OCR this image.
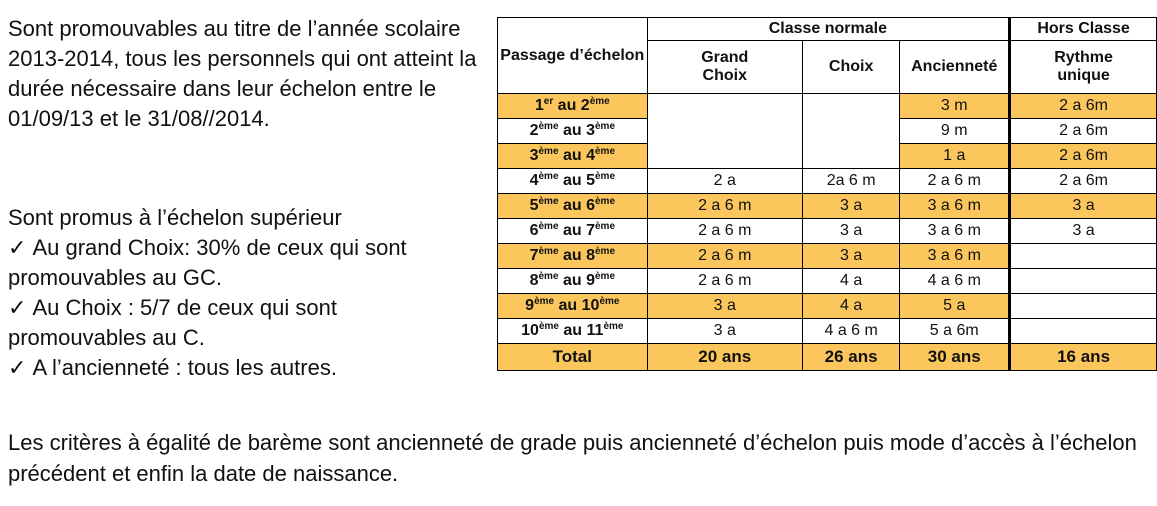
Sont promouvables au titre de l’année scolaire 2013-2014, tous les personnels qui ont atteint la durée nécessaire dans leur échelon entre le 01/09/13 et le 31/08//2014.
Sont promus à l’échelon supérieur
✓ Au grand Choix: 30% de ceux qui sont promouvables au GC.
✓ Au Choix : 5/7 de ceux qui sont promouvables au C.
✓ A l’ancienneté : tous les autres.
Passage d’échelon	Classe normale			Hors Classe
	Grand Choix	Choix	Ancienneté	Rythme unique
1er au 2ème			3 m	2 a 6m
2ème au 3ème			9 m	2 a 6m
3ème au 4ème			1 a	2 a 6m
4ème au 5ème	2 a	2a 6 m	2 a 6 m	2 a 6m
5ème au 6ème	2 a 6 m	3 a	3 a 6 m	3 a
6ème au 7ème	2 a 6 m	3 a	3 a 6 m	3 a
7ème au 8ème	2 a 6 m	3 a	3 a 6 m	
8ème au 9ème	2 a 6 m	4 a	4 a 6 m	
9ème au 10ème	3 a	4 a	5 a	
10ème au 11ème	3 a	4 a 6 m	5 a 6m	
Total	20 ans	26 ans	30 ans	16 ans
Les critères à égalité de barème sont ancienneté de grade puis ancienneté d’échelon puis mode d’accès à l’échelon précédent et enfin la date de naissance.
